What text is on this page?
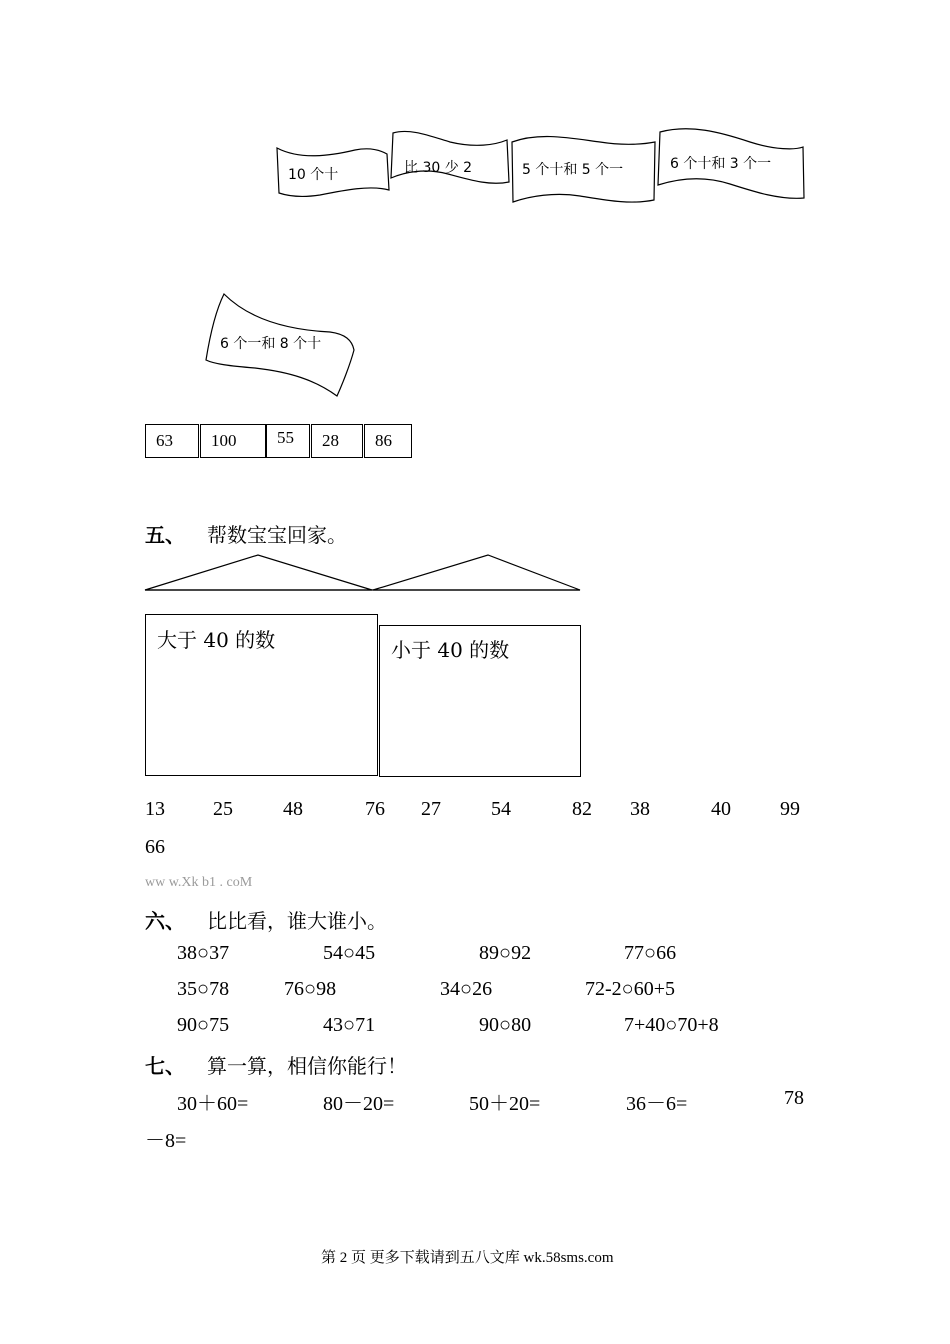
10 个十	比 30 少 2	5 个十和 5 个一	6 个十和 3 个一
6 个一和 8 个十
63	100	55	28	86
五、 帮数宝宝回家。
大于 40 的数	小于 40 的数
13 25	48	76 27	54	82 38	40 99
66
ww w.Xk b1 . coM
六、 比比看，谁大谁小。
38○37	54○45	89○92	77○66
35○78	76○98	34○26	72-2○60+5
90○75	43○71	90○80	7+40○70+8
七、 算一算，相信你能行！
30＋60=	80－20=	50＋20=	36－6=	78
－8=
第 2 页 更多下载请到五八文库 wk.58sms.com
